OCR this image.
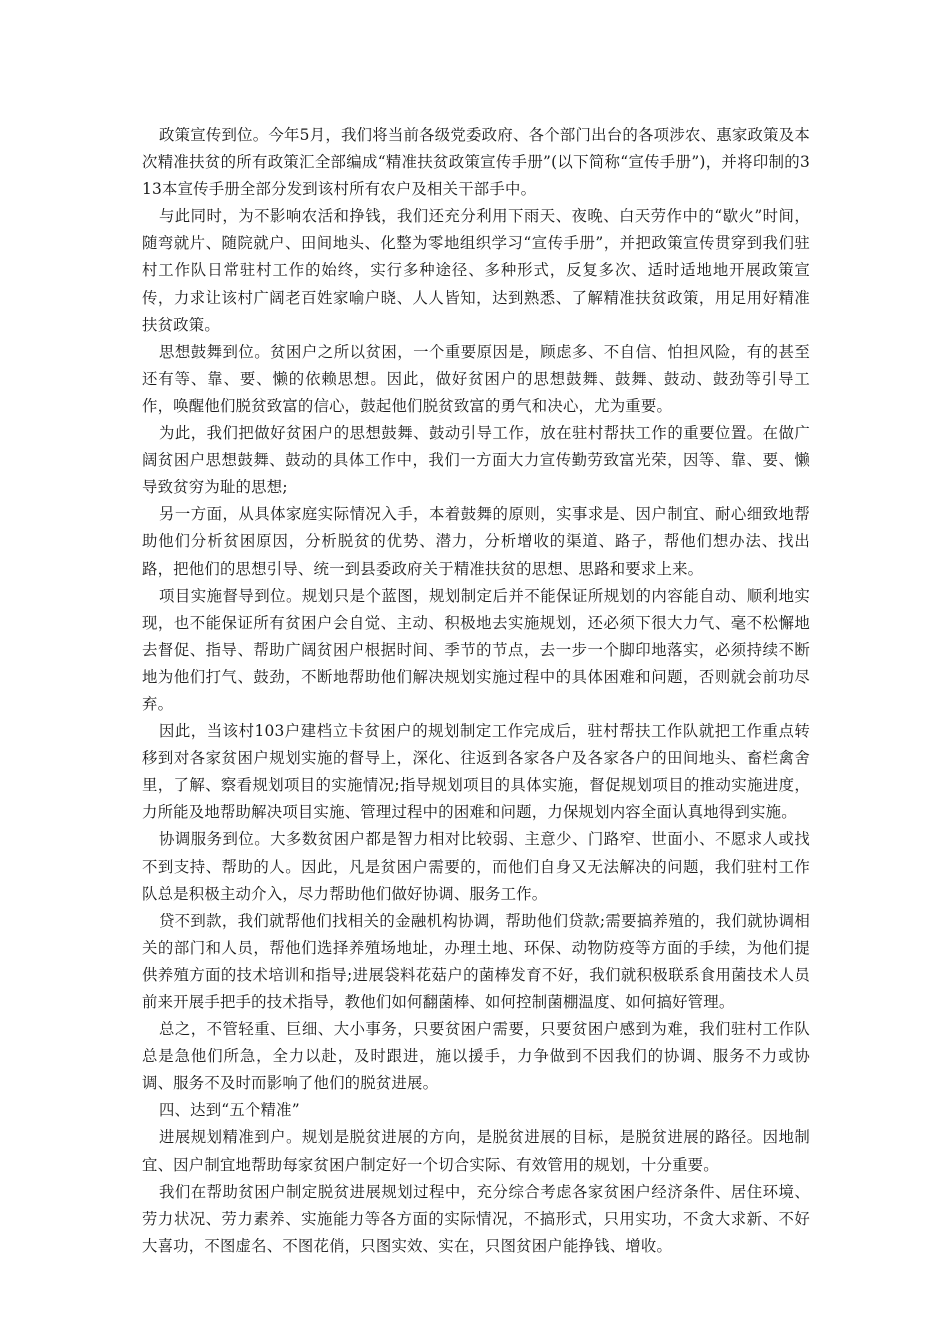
政策宣传到位。今年5月，我们将当前各级党委政府、各个部门出台的各项涉农、惠家政策及本次精准扶贫的所有政策汇全部编成“精准扶贫政策宣传手册”(以下简称“宣传手册”)，并将印制的313本宣传手册全部分发到该村所有农户及相关干部手中。

与此同时，为不影响农活和挣钱，我们还充分利用下雨天、夜晚、白天劳作中的“歇火”时间，随弯就片、随院就户、田间地头、化整为零地组织学习“宣传手册”，并把政策宣传贯穿到我们驻村工作队日常驻村工作的始终，实行多种途径、多种形式，反复多次、适时适地地开展政策宣传，力求让该村广阔老百姓家喻户晓、人人皆知，达到熟悉、了解精准扶贫政策，用足用好精准扶贫政策。

思想鼓舞到位。贫困户之所以贫困，一个重要原因是，顾虑多、不自信、怕担风险，有的甚至还有等、靠、要、懒的依赖思想。因此，做好贫困户的思想鼓舞、鼓舞、鼓动、鼓劲等引导工作，唤醒他们脱贫致富的信心，鼓起他们脱贫致富的勇气和决心，尤为重要。

为此，我们把做好贫困户的思想鼓舞、鼓动引导工作，放在驻村帮扶工作的重要位置。在做广阔贫困户思想鼓舞、鼓动的具体工作中，我们一方面大力宣传勤劳致富光荣，因等、靠、要、懒导致贫穷为耻的思想;

另一方面，从具体家庭实际情况入手，本着鼓舞的原则，实事求是、因户制宜、耐心细致地帮助他们分析贫困原因，分析脱贫的优势、潜力，分析增收的渠道、路子，帮他们想办法、找出路，把他们的思想引导、统一到县委政府关于精准扶贫的思想、思路和要求上来。

项目实施督导到位。规划只是个蓝图，规划制定后并不能保证所规划的内容能自动、顺利地实现，也不能保证所有贫困户会自觉、主动、积极地去实施规划，还必须下很大力气、毫不松懈地去督促、指导、帮助广阔贫困户根据时间、季节的节点，去一步一个脚印地落实，必须持续不断地为他们打气、鼓劲，不断地帮助他们解决规划实施过程中的具体困难和问题，否则就会前功尽弃。

因此，当该村103户建档立卡贫困户的规划制定工作完成后，驻村帮扶工作队就把工作重点转移到对各家贫困户规划实施的督导上，深化、往返到各家各户及各家各户的田间地头、畜栏禽舍里，了解、察看规划项目的实施情况;指导规划项目的具体实施，督促规划项目的推动实施进度，力所能及地帮助解决项目实施、管理过程中的困难和问题，力保规划内容全面认真地得到实施。

协调服务到位。大多数贫困户都是智力相对比较弱、主意少、门路窄、世面小、不愿求人或找不到支持、帮助的人。因此，凡是贫困户需要的，而他们自身又无法解决的问题，我们驻村工作队总是积极主动介入，尽力帮助他们做好协调、服务工作。

贷不到款，我们就帮他们找相关的金融机构协调，帮助他们贷款;需要搞养殖的，我们就协调相关的部门和人员，帮他们选择养殖场地址，办理土地、环保、动物防疫等方面的手续，为他们提供养殖方面的技术培训和指导;进展袋料花菇户的菌棒发育不好，我们就积极联系食用菌技术人员前来开展手把手的技术指导，教他们如何翻菌棒、如何控制菌棚温度、如何搞好管理。

总之，不管轻重、巨细、大小事务，只要贫困户需要，只要贫困户感到为难，我们驻村工作队总是急他们所急，全力以赴，及时跟进，施以援手，力争做到不因我们的协调、服务不力或协调、服务不及时而影响了他们的脱贫进展。

四、达到“五个精准”

进展规划精准到户。规划是脱贫进展的方向，是脱贫进展的目标，是脱贫进展的路径。因地制宜、因户制宜地帮助每家贫困户制定好一个切合实际、有效管用的规划，十分重要。

我们在帮助贫困户制定脱贫进展规划过程中，充分综合考虑各家贫困户经济条件、居住环境、劳力状况、劳力素养、实施能力等各方面的实际情况，不搞形式，只用实功，不贪大求新、不好大喜功，不图虚名、不图花俏，只图实效、实在，只图贫困户能挣钱、增收。
